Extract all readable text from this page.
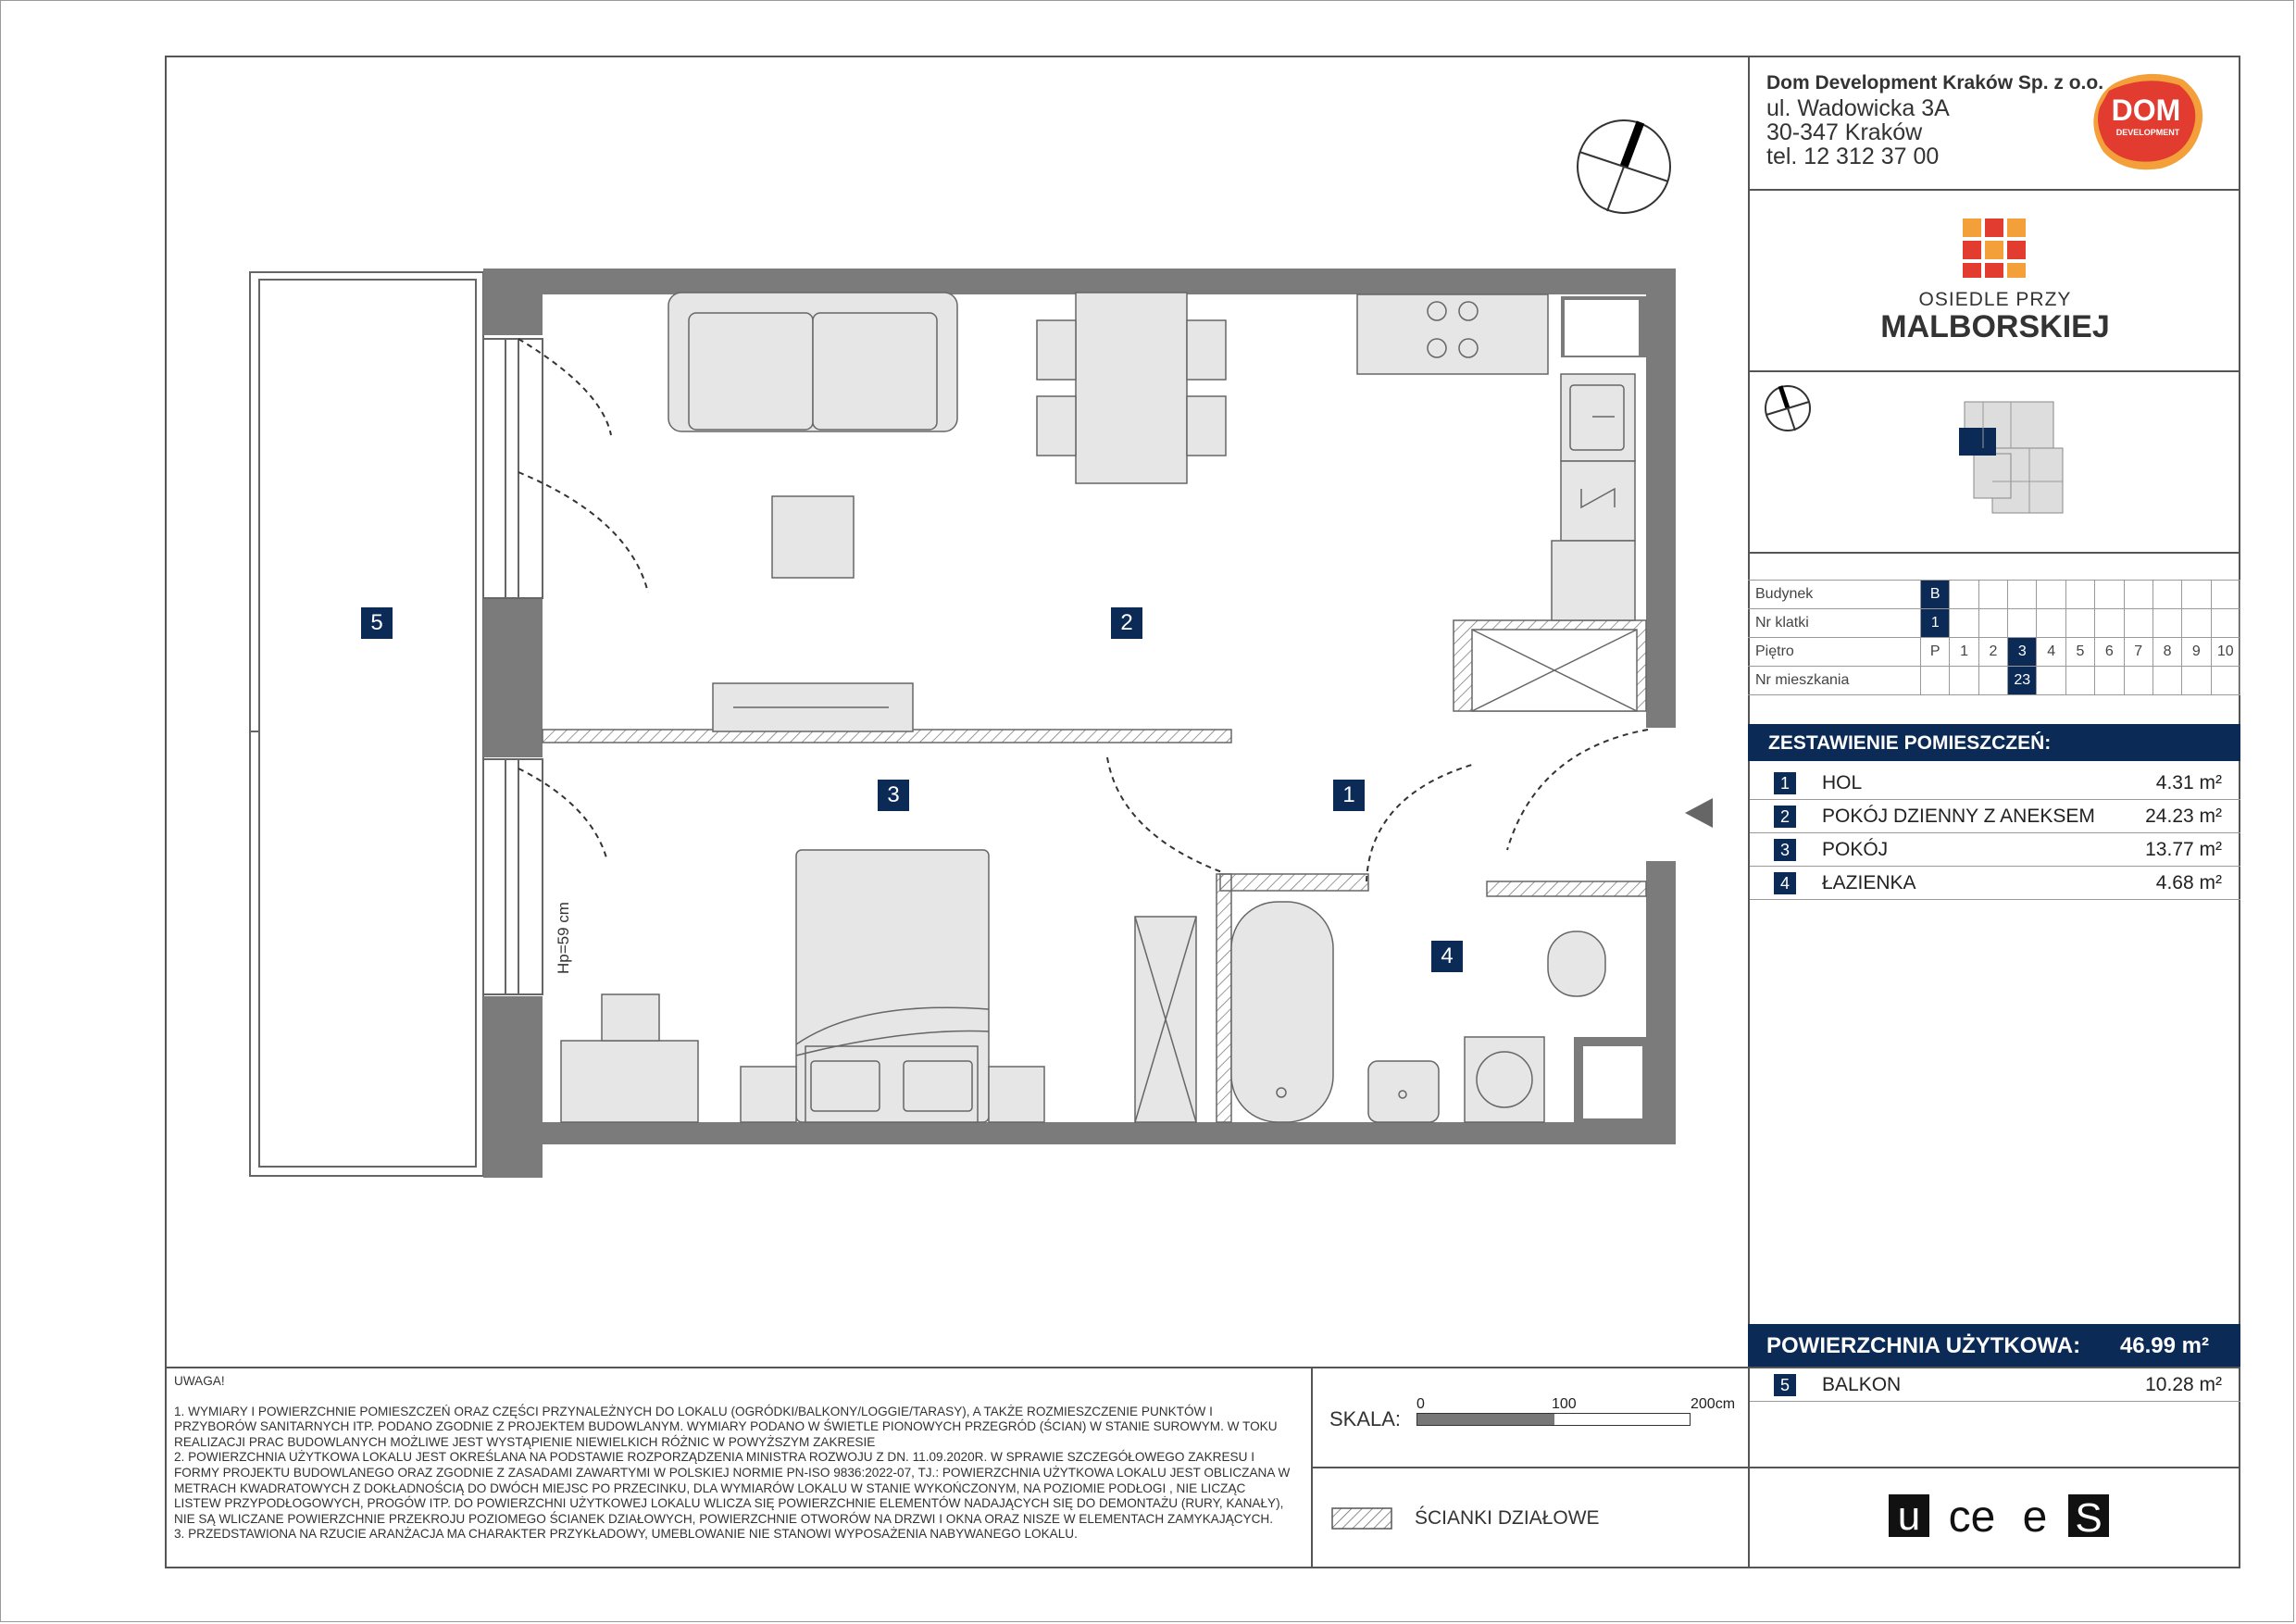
Dom Development Kraków Sp. z o.o.
ul. Wadowicka 3A
30-347 Kraków
tel. 12 312 37 00
DOM
DEVELOPMENT
OSIEDLE PRZY
MALBORSKIEJ
Budynek	B										
Nr klatki	1										
Piętro	P	1	2	3	4	5	6	7	8	9	10
Nr mieszkania				23							
ZESTAWIENIE POMIESZCZEŃ:
1	HOL	4.31 m²
2	POKÓJ DZIENNY Z ANEKSEM	24.23 m²
3	POKÓJ	13.77 m²
4	ŁAZIENKA	4.68 m²
POWIERZCHNIA UŻYTKOWA: 46.99 m²
5	BALKON	10.28 m²
UWAGA!
1. WYMIARY I POWIERZCHNIE POMIESZCZEŃ ORAZ CZĘŚCI PRZYNALEŻNYCH DO LOKALU (OGRÓDKI/BALKONY/LOGGIE/TARASY), A TAKŻE ROZMIESZCZENIE PUNKTÓW I PRZYBORÓW SANITARNYCH ITP. PODANO ZGODNIE Z PROJEKTEM BUDOWLANYM. WYMIARY PODANO W ŚWIETLE PIONOWYCH PRZEGRÓD (ŚCIAN) W STANIE SUROWYM. W TOKU REALIZACJI PRAC BUDOWLANYCH MOŻLIWE JEST WYSTĄPIENIE NIEWIELKICH RÓŻNIC W POWYŻSZYM ZAKRESIE
2. POWIERZCHNIA UŻYTKOWA LOKALU JEST OKREŚLANA NA PODSTAWIE ROZPORZĄDZENIA MINISTRA ROZWOJU Z DN. 11.09.2020R. W SPRAWIE SZCZEGÓŁOWEGO ZAKRESU I FORMY PROJEKTU BUDOWLANEGO ORAZ ZGODNIE Z ZASADAMI ZAWARTYMI W POLSKIEJ NORMIE PN-ISO 9836:2022-07, TJ.: POWIERZCHNIA UŻYTKOWA LOKALU JEST OBLICZANA W METRACH KWADRATOWYCH Z DOKŁADNOŚCIĄ DO DWÓCH MIEJSC PO PRZECINKU, DLA WYMIARÓW LOKALU W STANIE WYKOŃCZONYM, NA POZIOMIE PODŁOGI , NIE LICZĄC LISTEW PRZYPODŁOGOWYCH, PROGÓW ITP. DO POWIERZCHNI UŻYTKOWEJ LOKALU WLICZA SIĘ POWIERZCHNIE ELEMENTÓW NADAJĄCYCH SIĘ DO DEMONTAŻU (RURY, KANAŁY), NIE SĄ WLICZANE POWIERZCHNIE PRZEKROJU POZIOMEGO ŚCIANEK DZIAŁOWYCH, POWIERZCHNIE OTWORÓW NA DRZWI I OKNA ORAZ NISZE W ELEMENTACH ZAMYKAJĄCYCH.
3. PRZEDSTAWIONA NA RZUCIE ARANŻACJA MA CHARAKTER PRZYKŁADOWY, UMEBLOWANIE NIE STANOWI WYPOSAŻENIA NABYWANEGO LOKALU.
SKALA:
0	100	200cm
ŚCIANKI DZIAŁOWE	u ce e S
Hp=59 cm
1
2
3
4
5
